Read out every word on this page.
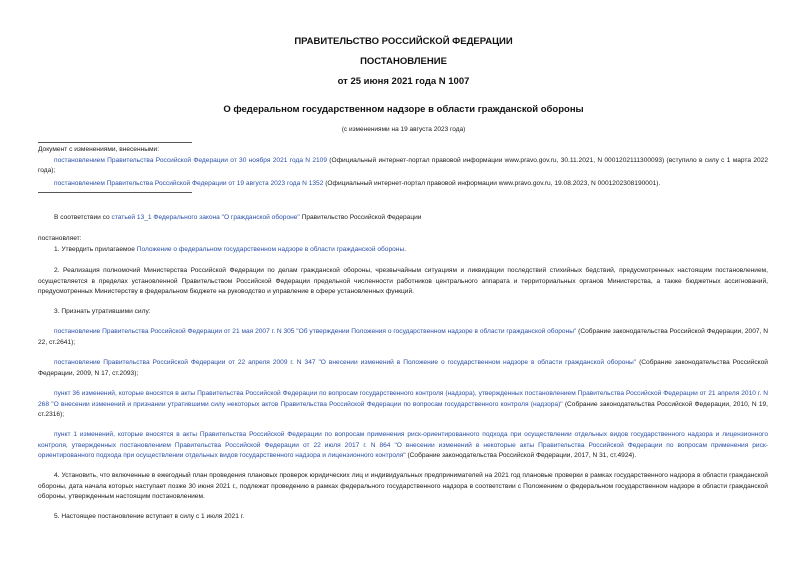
ПРАВИТЕЛЬСТВО РОССИЙСКОЙ ФЕДЕРАЦИИ
ПОСТАНОВЛЕНИЕ
от 25 июня 2021 года N 1007
О федеральном государственном надзоре в области гражданской обороны
(с изменениями на 19 августа 2023 года)

Документ с изменениями, внесенными:

постановлением Правительства Российской Федерации от 30 ноября 2021 года N 2109 (Официальный интернет-портал правовой информации www.pravo.gov.ru, 30.11.2021, N 0001202111300093) (вступило в силу с 1 марта 2022 года);

постановлением Правительства Российской Федерации от 19 августа 2023 года N 1352 (Официальный интернет-портал правовой информации www.pravo.gov.ru, 19.08.2023, N 0001202308190001).

В соответствии со статьей 13_1 Федерального закона "О гражданской обороне" Правительство Российской Федерации
постановляет:
1. Утвердить прилагаемое Положение о федеральном государственном надзоре в области гражданской обороны.
2. Реализация полномочий Министерства Российской Федерации по делам гражданской обороны, чрезвычайным ситуациям и ликвидации последствий стихийных бедствий, предусмотренных настоящим постановлением, осуществляется в пределах установленной Правительством Российской Федерации предельной численности работников центрального аппарата и территориальных органов Министерства, а также бюджетных ассигнований, предусмотренных Министерству в федеральном бюджете на руководство и управление в сфере установленных функций.
3. Признать утратившими силу:
постановление Правительства Российской Федерации от 21 мая 2007 г. N 305 "Об утверждении Положения о государственном надзоре в области гражданской обороны" (Собрание законодательства Российской Федерации, 2007, N 22, ст.2641);
постановление Правительства Российской Федерации от 22 апреля 2009 г. N 347 "О внесении изменений в Положение о государственном надзоре в области гражданской обороны" (Собрание законодательства Российской Федерации, 2009, N 17, ст.2093);
пункт 36 изменений, которые вносятся в акты Правительства Российской Федерации по вопросам государственного контроля (надзора), утвержденных постановлением Правительства Российской Федерации от 21 апреля 2010 г. N 268 "О внесении изменений и признании утратившими силу некоторых актов Правительства Российской Федерации по вопросам государственного контроля (надзора)" (Собрание законодательства Российской Федерации, 2010, N 19, ст.2316);
пункт 1 изменений, которые вносятся в акты Правительства Российской Федерации по вопросам применения риск-ориентированного подхода при осуществлении отдельных видов государственного надзора и лицензионного контроля, утвержденных постановлением Правительства Российской Федерации от 22 июля 2017 г. N 864 "О внесении изменений в некоторые акты Правительства Российской Федерации по вопросам применения риск-ориентированного подхода при осуществлении отдельных видов государственного надзора и лицензионного контроля" (Собрание законодательства Российской Федерации, 2017, N 31, ст.4924).
4. Установить, что включенные в ежегодный план проведения плановых проверок юридических лиц и индивидуальных предпринимателей на 2021 год плановые проверки в рамках государственного надзора в области гражданской обороны, дата начала которых наступает позже 30 июня 2021 г., подлежат проведению в рамках федерального государственного надзора в соответствии с Положением о федеральном государственном надзоре в области гражданской обороны, утвержденным настоящим постановлением.
5. Настоящее постановление вступает в силу с 1 июля 2021 г.
